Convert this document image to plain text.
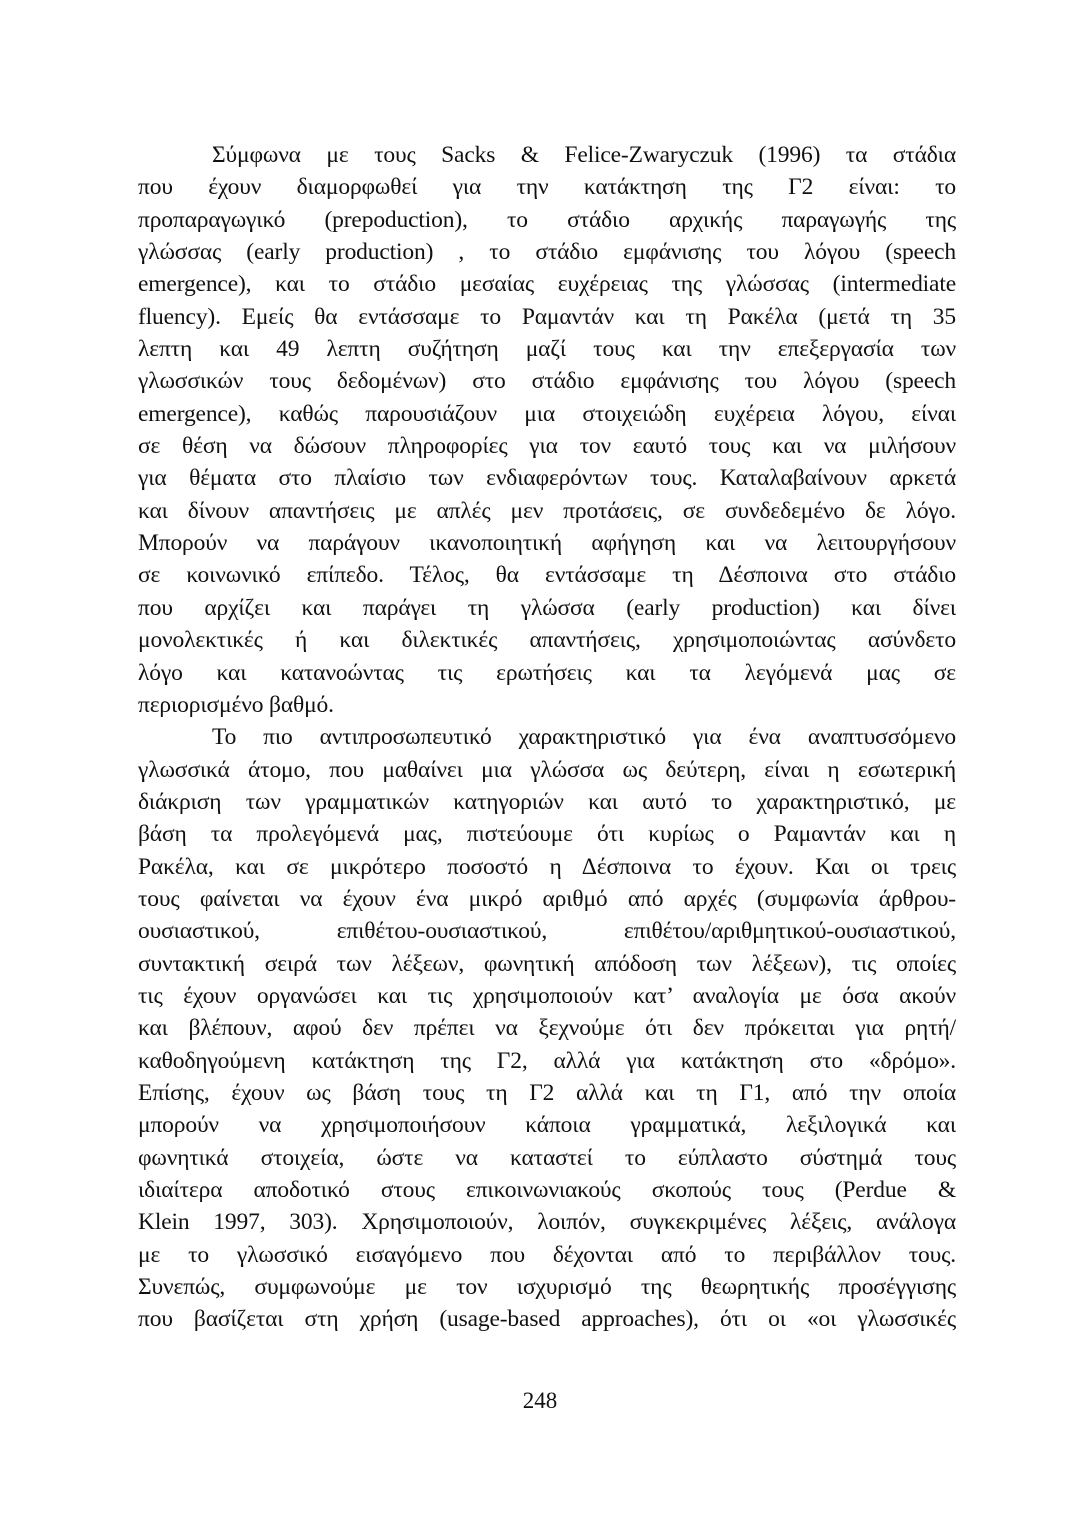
Σύμφωνα με τους Sacks & Felice-Zwaryczuk (1996) τα στάδια
που έχουν διαμορφωθεί για την κατάκτηση της Γ2 είναι: το
προπαραγωγικό (prepoduction), το στάδιο αρχικής παραγωγής της
γλώσσας (early production) , το στάδιο εμφάνισης του λόγου (speech
emergence), και το στάδιο μεσαίας ευχέρειας της γλώσσας (intermediate
fluency). Εμείς θα εντάσσαμε το Ραμαντάν και τη Ρακέλα (μετά τη 35
λεπτη και 49 λεπτη συζήτηση μαζί τους και την επεξεργασία των
γλωσσικών τους δεδομένων) στο στάδιο εμφάνισης του λόγου (speech
emergence), καθώς παρουσιάζουν μια στοιχειώδη ευχέρεια λόγου, είναι
σε θέση να δώσουν πληροφορίες για τον εαυτό τους και να μιλήσουν
για θέματα στο πλαίσιο των ενδιαφερόντων τους. Καταλαβαίνουν αρκετά
και δίνουν απαντήσεις με απλές μεν προτάσεις, σε συνδεδεμένο δε λόγο.
Μπορούν να παράγουν ικανοποιητική αφήγηση και να λειτουργήσουν
σε κοινωνικό επίπεδο. Τέλος, θα εντάσσαμε τη Δέσποινα στο στάδιο
που αρχίζει και παράγει τη γλώσσα (early production) και δίνει
μονολεκτικές ή και διλεκτικές απαντήσεις, χρησιμοποιώντας ασύνδετο
λόγο και κατανοώντας τις ερωτήσεις και τα λεγόμενά μας σε
περιορισμένο βαθμό.
Το πιο αντιπροσωπευτικό χαρακτηριστικό για ένα αναπτυσσόμενο
γλωσσικά άτομο, που μαθαίνει μια γλώσσα ως δεύτερη, είναι η εσωτερική
διάκριση των γραμματικών κατηγοριών και αυτό το χαρακτηριστικό, με
βάση τα προλεγόμενά μας, πιστεύουμε ότι κυρίως ο Ραμαντάν και η
Ρακέλα, και σε μικρότερο ποσοστό η Δέσποινα το έχουν. Και οι τρεις
τους φαίνεται να έχουν ένα μικρό αριθμό από αρχές (συμφωνία άρθρου-
ουσιαστικού, επιθέτου-ουσιαστικού, επιθέτου/αριθμητικού-ουσιαστικού,
συντακτική σειρά των λέξεων, φωνητική απόδοση των λέξεων), τις οποίες
τις έχουν οργανώσει και τις χρησιμοποιούν κατ’ αναλογία με όσα ακούν
και βλέπουν, αφού δεν πρέπει να ξεχνούμε ότι δεν πρόκειται για ρητή/
καθοδηγούμενη κατάκτηση της Γ2, αλλά για κατάκτηση στο «δρόμο».
Επίσης, έχουν ως βάση τους τη Γ2 αλλά και τη Γ1, από την οποία
μπορούν να χρησιμοποιήσουν κάποια γραμματικά, λεξιλογικά και
φωνητικά στοιχεία, ώστε να καταστεί το εύπλαστο σύστημά τους
ιδιαίτερα αποδοτικό στους επικοινωνιακούς σκοπούς τους (Perdue &
Klein 1997, 303). Χρησιμοποιούν, λοιπόν, συγκεκριμένες λέξεις, ανάλογα
με το γλωσσικό εισαγόμενο που δέχονται από το περιβάλλον τους.
Συνεπώς, συμφωνούμε με τον ισχυρισμό της θεωρητικής προσέγγισης
που βασίζεται στη χρήση (usage-based approaches), ότι οι «οι γλωσσικές
248
